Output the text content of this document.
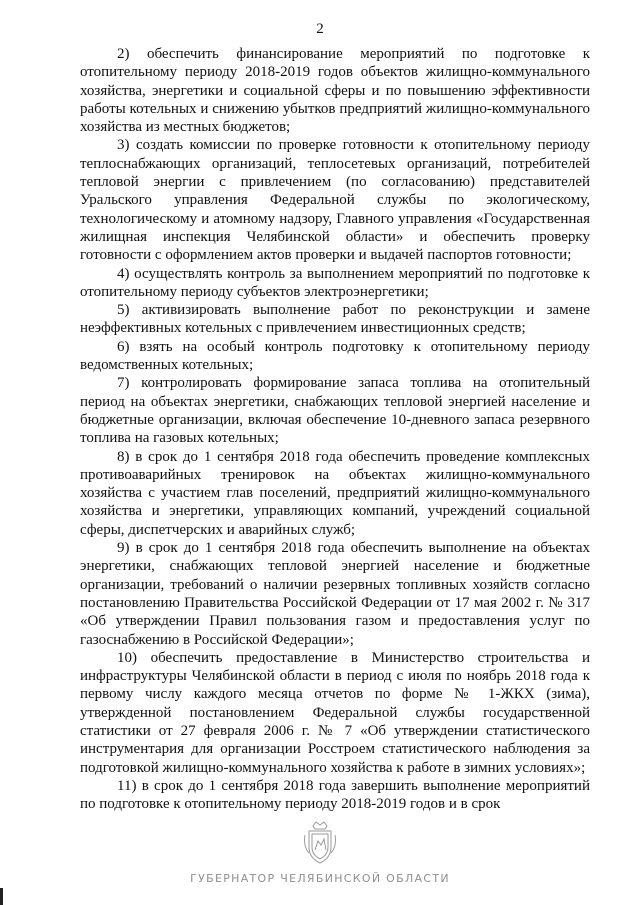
2

2) обеспечить финансирование мероприятий по подготовке к отопительному периоду 2018-2019 годов объектов жилищно-коммунального хозяйства, энергетики и социальной сферы и по повышению эффективности работы котельных и снижению убытков предприятий жилищно-коммунального хозяйства из местных бюджетов;

3) создать комиссии по проверке готовности к отопительному периоду теплоснабжающих организаций, теплосетевых организаций, потребителей тепловой энергии с привлечением (по согласованию) представителей Уральского управления Федеральной службы по экологическому, технологическому и атомному надзору, Главного управления «Государственная жилищная инспекция Челябинской области» и обеспечить проверку готовности с оформлением актов проверки и выдачей паспортов готовности;

4) осуществлять контроль за выполнением мероприятий по подготовке к отопительному периоду субъектов электроэнергетики;

5) активизировать выполнение работ по реконструкции и замене неэффективных котельных с привлечением инвестиционных средств;

6) взять на особый контроль подготовку к отопительному периоду ведомственных котельных;

7) контролировать формирование запаса топлива на отопительный период на объектах энергетики, снабжающих тепловой энергией население и бюджетные организации, включая обеспечение 10-дневного запаса резервного топлива на газовых котельных;

8) в срок до 1 сентября 2018 года обеспечить проведение комплексных противоаварийных тренировок на объектах жилищно-коммунального хозяйства с участием глав поселений, предприятий жилищно-коммунального хозяйства и энергетики, управляющих компаний, учреждений социальной сферы, диспетчерских и аварийных служб;

9) в срок до 1 сентября 2018 года обеспечить выполнение на объектах энергетики, снабжающих тепловой энергией население и бюджетные организации, требований о наличии резервных топливных хозяйств согласно постановлению Правительства Российской Федерации от 17 мая 2002 г. № 317 «Об утверждении Правил пользования газом и предоставления услуг по газоснабжению в Российской Федерации»;

10) обеспечить предоставление в Министерство строительства и инфраструктуры Челябинской области в период с июля по ноябрь 2018 года к первому числу каждого месяца отчетов по форме № 1-ЖКХ (зима), утвержденной постановлением Федеральной службы государственной статистики от 27 февраля 2006 г. № 7 «Об утверждении статистического инструментария для организации Росстроем статистического наблюдения за подготовкой жилищно-коммунального хозяйства к работе в зимних условиях»;

11) в срок до 1 сентября 2018 года завершить выполнение мероприятий по подготовке к отопительному периоду 2018-2019 годов и в срок

ГУБЕРНАТОР ЧЕЛЯБИНСКОЙ ОБЛАСТИ
